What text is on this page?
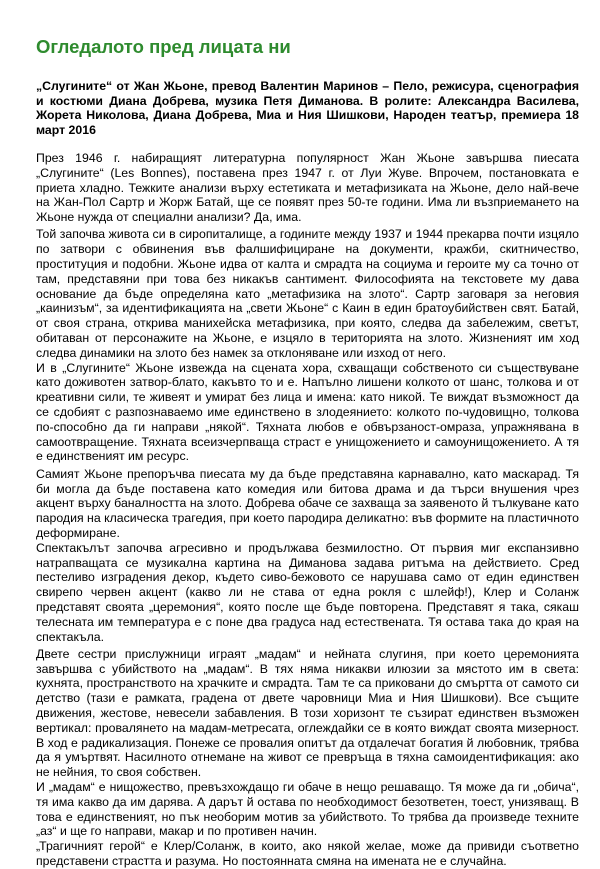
Огледалото пред лицата ни
„Слугините“ от Жан Жьоне, превод Валентин Маринов – Пело, режисура, сценография и костюми Диана Добрева, музика Петя Диманова. В ролите: Александра Василева, Жорета Николова, Диана Добрева, Миа и Ния Шишкови, Народен театър, премиера 18 март 2016

През 1946 г. набиращият литературна популярност Жан Жьоне завършва пиесата „Слугините“ (Les Bonnes), поставена през 1947 г. от Луи Жуве. Впрочем, постановката е приета хладно. Тежките анализи върху естетиката и метафизиката на Жьоне, дело най-вече на Жан-Пол Сартр и Жорж Батай, ще се появят през 50-те години. Има ли възприемането на Жьоне нужда от специални анализи? Да, има.

Той започва живота си в сиропиталище, а годините между 1937 и 1944 прекарва почти изцяло по затвори с обвинения във фалшифициране на документи, кражби, скитничество, проституция и подобни. Жьоне идва от калта и смрадта на социума и героите му са точно от там, представяни при това без никакъв сантимент. Философията на текстовете му дава основание да бъде определяна като „метафизика на злото“. Сартр заговаря за неговия „каинизъм“, за идентификацията на „свети Жьоне“ с Каин в един братоубийствен свят. Батай, от своя страна, открива манихейска метафизика, при която, следва да забележим, светът, обитаван от персонажите на Жьоне, е изцяло в територията на злото. Жизненият им ход следва динамики на злото без намек за отклоняване или изход от него.

И в „Слугините“ Жьоне извежда на сцената хора, схващащи собственото си съществуване като доживотен затвор-блато, какъвто то и е. Напълно лишени колкото от шанс, толкова и от креативни сили, те живеят и умират без лица и имена: като никой. Те виждат възможност да се сдобият с разпознаваемо име единствено в злодеянието: колкото по-чудовищно, толкова по-способно да ги направи „някой“. Тяхната любов е обвързаност-омраза, упражнявана в самоотвращение. Тяхната всеизчерпваща страст е унищожението и самоунищожението. А тя е единственият им ресурс.

Самият Жьоне препоръчва пиесата му да бъде представяна карнавално, като маскарад. Тя би могла да бъде поставена като комедия или битова драма и да търси внушения чрез акцент върху баналността на злото. Добрева обаче се захваща за заявеното й тълкуване като пародия на класическа трагедия, при което пародира деликатно: във формите на пластичното деформиране.

Спектакълът започва агресивно и продължава безмилостно. От първия миг експанзивно натрапващата се музикална картина на Диманова задава ритъма на действието. Сред пестеливо изградения декор, където сиво-бежовото се нарушава само от един единствен свирепо червен акцент (какво ли не става от една рокля с шлейф!), Клер и Соланж представят своята „церемония“, която после ще бъде повторена. Представят я така, сякаш телесната им температура е с поне два градуса над естествената. Тя остава така до края на спектакъла.

Двете сестри прислужници играят „мадам“ и нейната слугиня, при което церемонията завършва с убийството на „мадам“. В тях няма никакви илюзии за мястото им в света: кухнята, пространството на храчките и смрадта. Там те са приковани до смъртта от самото си детство (тази е рамката, градена от двете чаровници Миа и Ния Шишкови). Все същите движения, жестове, невесели забавления. В този хоризонт те съзират единствен възможен вертикал: провалянето на мадам-метресата, оглеждайки се в която виждат своята мизерност. В ход е радикализация. Понеже се провалия опитът да отдалечат богатия й любовник, трябва да я умъртвят. Насилното отнемане на живот се превръща в тяхна самоидентификация: ако не нейния, то своя собствен.

И „мадам“ е нищожество, превъзхождащо ги обаче в нещо решаващо. Тя може да ги „обича“, тя има какво да им дарява. А дарът й остава по необходимост безответен, тоест, унизяващ. В това е единственият, но пък необорим мотив за убийството. То трябва да произведе техните „аз“ и ще го направи, макар и по противен начин.

„Трагичният герой“ е Клер/Соланж, в които, ако някой желае, може да привиди съответно представени страстта и разума. Но постоянната смяна на имената не е случайна.
